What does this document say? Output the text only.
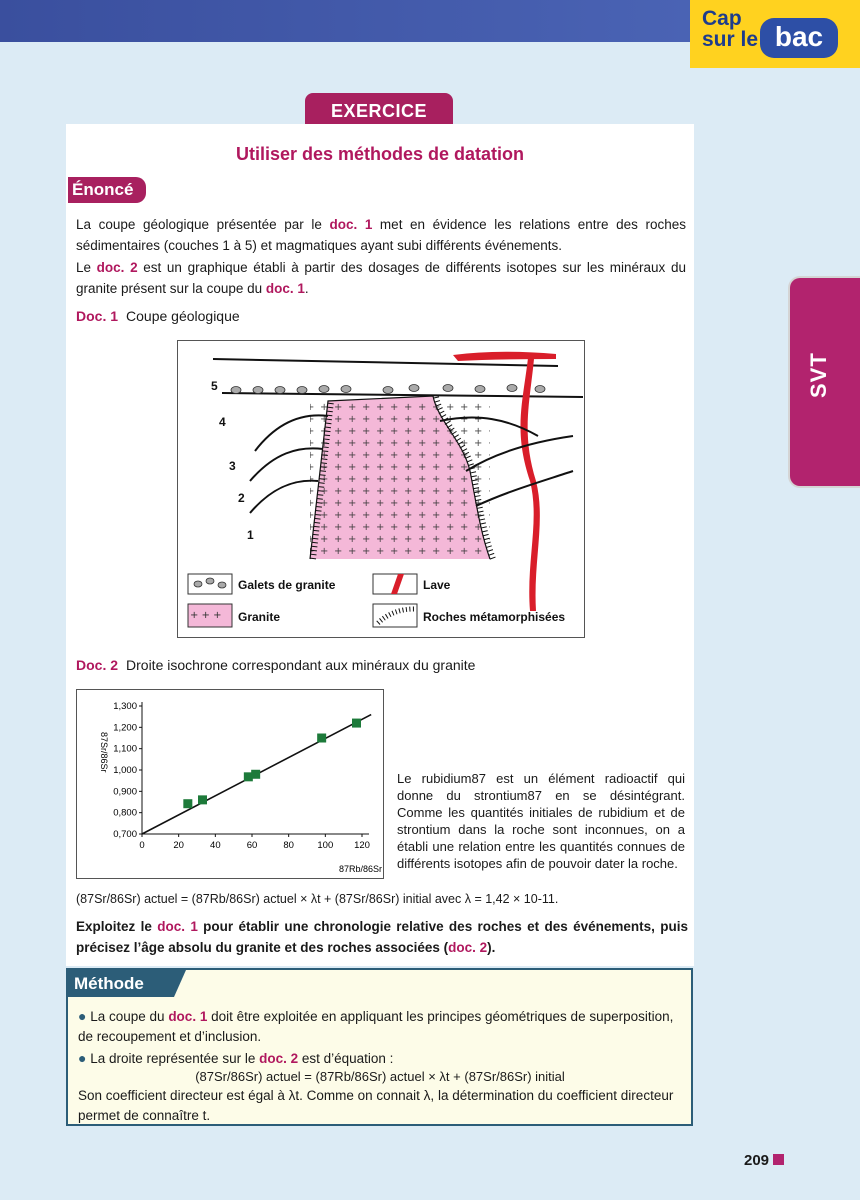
Cap
sur le bac
SVT
EXERCICE
Utiliser des méthodes de datation
Énoncé
La coupe géologique présentée par le doc. 1 met en évidence les relations entre des roches sédimentaires (couches 1 à 5) et magmatiques ayant subi différents événements.
Le doc. 2 est un graphique établi à partir des dosages de différents isotopes sur les minéraux du granite présent sur la coupe du doc. 1.
Doc. 1 Coupe géologique
5
4
3
2
1
+ + +
Galets de granite
Granite
Lave
Roches métamorphisées
Doc. 2 Droite isochrone correspondant aux minéraux du granite
87Sr/86Sr
87Rb/86Sr
0,700
0,800
0,900
1,000
1,100
1,200
1,300
0	20	40	60	80 100 120
Le rubidium87 est un élément radioactif qui donne du strontium87 en se désintégrant. Comme les quantités initiales de rubidium et de strontium dans la roche sont inconnues, on a établi une relation entre les quantités connues de différents isotopes afin de pouvoir dater la roche.
(87Sr/86Sr) actuel = (87Rb/86Sr) actuel × λt + (87Sr/86Sr) initial avec λ = 1,42 × 10-11.
Exploitez le doc. 1 pour établir une chronologie relative des roches et des événements, puis précisez l’âge absolu du granite et des roches associées (doc. 2).
Méthode
● La coupe du doc. 1 doit être exploitée en appliquant les principes géométriques de superposition, de recoupement et d’inclusion.
● La droite représentée sur le doc. 2 est d’équation :
(87Sr/86Sr) actuel = (87Rb/86Sr) actuel × λt + (87Sr/86Sr) initial
Son coefficient directeur est égal à λt. Comme on connait λ, la détermination du coefficient directeur permet de connaître t.
209
